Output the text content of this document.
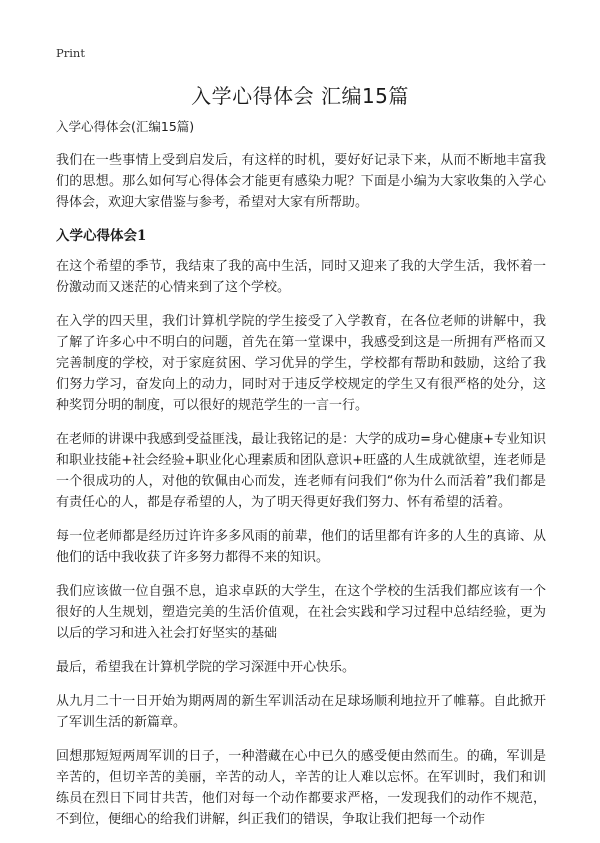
Print
入学心得体会 汇编15篇

入学心得体会(汇编15篇)

我们在一些事情上受到启发后，有这样的时机，要好好记录下来，从而不断地丰富我们的思想。那么如何写心得体会才能更有感染力呢？下面是小编为大家收集的入学心得体会，欢迎大家借鉴与参考，希望对大家有所帮助。

入学心得体会1

在这个希望的季节，我结束了我的高中生活，同时又迎来了我的大学生活，我怀着一份激动而又迷茫的心情来到了这个学校。

在入学的四天里，我们计算机学院的学生接受了入学教育，在各位老师的讲解中，我了解了许多心中不明白的问题，首先在第一堂课中，我感受到这是一所拥有严格而又完善制度的学校，对于家庭贫困、学习优异的学生，学校都有帮助和鼓励，这给了我们努力学习，奋发向上的动力，同时对于违反学校规定的学生又有很严格的处分，这种奖罚分明的制度，可以很好的规范学生的一言一行。

在老师的讲课中我感到受益匪浅，最让我铭记的是：大学的成功=身心健康+专业知识和职业技能+社会经验+职业化心理素质和团队意识+旺盛的人生成就欲望，连老师是一个很成功的人，对他的钦佩由心而发，连老师有问我们“你为什么而活着”我们都是有责任心的人，都是存希望的人，为了明天得更好我们努力、怀有希望的活着。

每一位老师都是经历过许许多多风雨的前辈，他们的话里都有许多的人生的真谛、从他们的话中我收获了许多努力都得不来的知识。

我们应该做一位自强不息，追求卓跃的大学生，在这个学校的生活我们都应该有一个很好的人生规划，塑造完美的生活价值观，在社会实践和学习过程中总结经验，更为以后的学习和进入社会打好坚实的基础

最后，希望我在计算机学院的学习深涯中开心快乐。

从九月二十一日开始为期两周的新生军训活动在足球场顺利地拉开了帷幕。自此掀开了军训生活的新篇章。

回想那短短两周军训的日子，一种潜藏在心中已久的感受便由然而生。的确，军训是辛苦的，但切辛苦的美丽，辛苦的动人，辛苦的让人难以忘怀。在军训时，我们和训练员在烈日下同甘共苦，他们对每一个动作都要求严格，一发现我们的动作不规范，不到位，便细心的给我们讲解，纠正我们的错误，争取让我们把每一个动作
